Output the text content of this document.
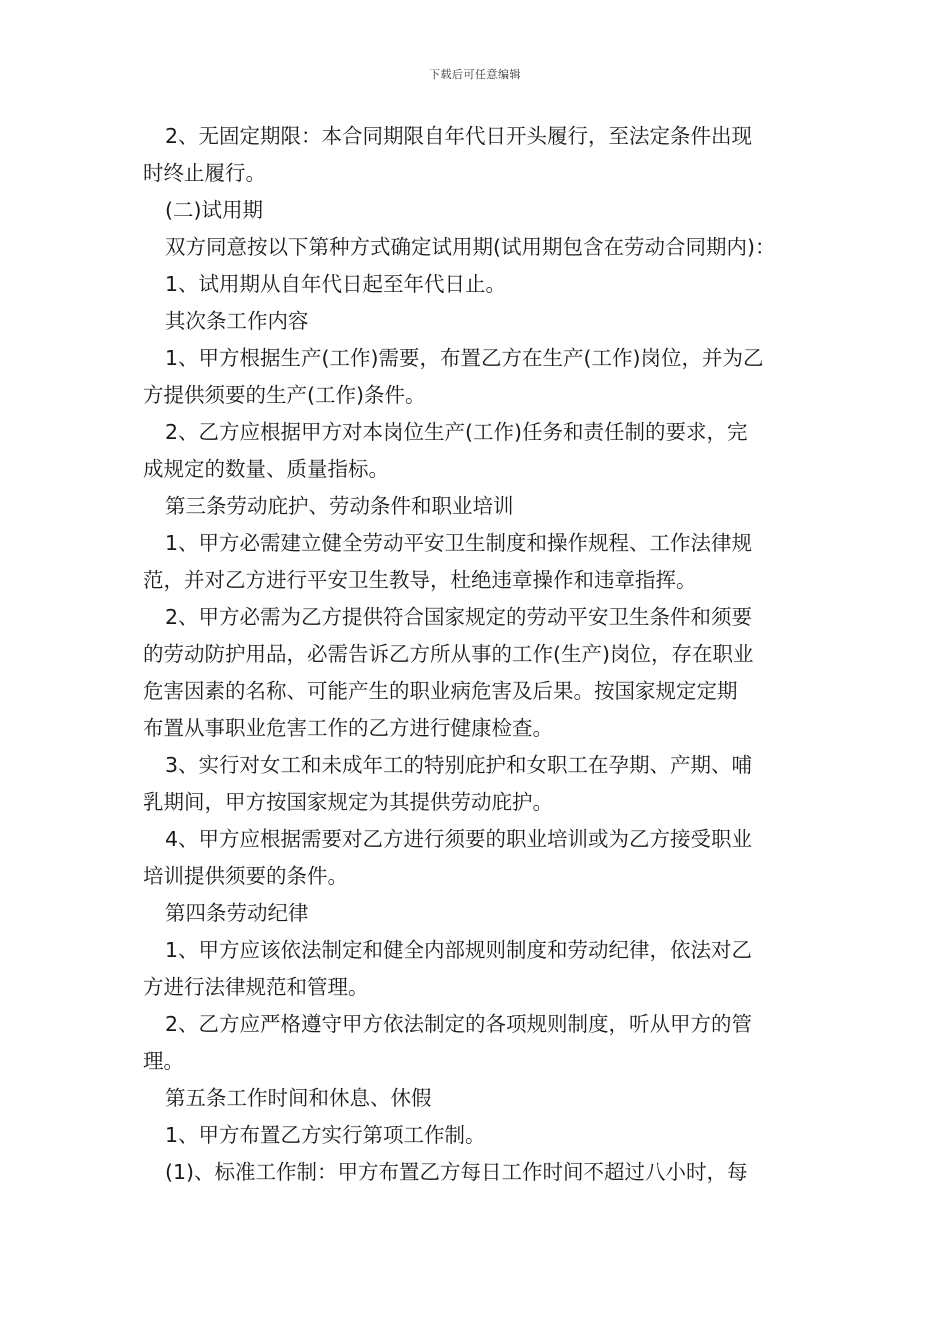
下载后可任意编辑
2、无固定期限：本合同期限自年代日开头履行，至法定条件出现
时终止履行。
(二)试用期
双方同意按以下第种方式确定试用期(试用期包含在劳动合同期内)：
1、试用期从自年代日起至年代日止。
其次条工作内容
1、甲方根据生产(工作)需要，布置乙方在生产(工作)岗位，并为乙
方提供须要的生产(工作)条件。
2、乙方应根据甲方对本岗位生产(工作)任务和责任制的要求，完
成规定的数量、质量指标。
第三条劳动庇护、劳动条件和职业培训
1、甲方必需建立健全劳动平安卫生制度和操作规程、工作法律规
范，并对乙方进行平安卫生教导，杜绝违章操作和违章指挥。
2、甲方必需为乙方提供符合国家规定的劳动平安卫生条件和须要
的劳动防护用品，必需告诉乙方所从事的工作(生产)岗位，存在职业
危害因素的名称、可能产生的职业病危害及后果。按国家规定定期
布置从事职业危害工作的乙方进行健康检查。
3、实行对女工和未成年工的特别庇护和女职工在孕期、产期、哺
乳期间，甲方按国家规定为其提供劳动庇护。
4、甲方应根据需要对乙方进行须要的职业培训或为乙方接受职业
培训提供须要的条件。
第四条劳动纪律
1、甲方应该依法制定和健全内部规则制度和劳动纪律，依法对乙
方进行法律规范和管理。
2、乙方应严格遵守甲方依法制定的各项规则制度，听从甲方的管
理。
第五条工作时间和休息、休假
1、甲方布置乙方实行第项工作制。
(1)、标准工作制：甲方布置乙方每日工作时间不超过八小时，每
